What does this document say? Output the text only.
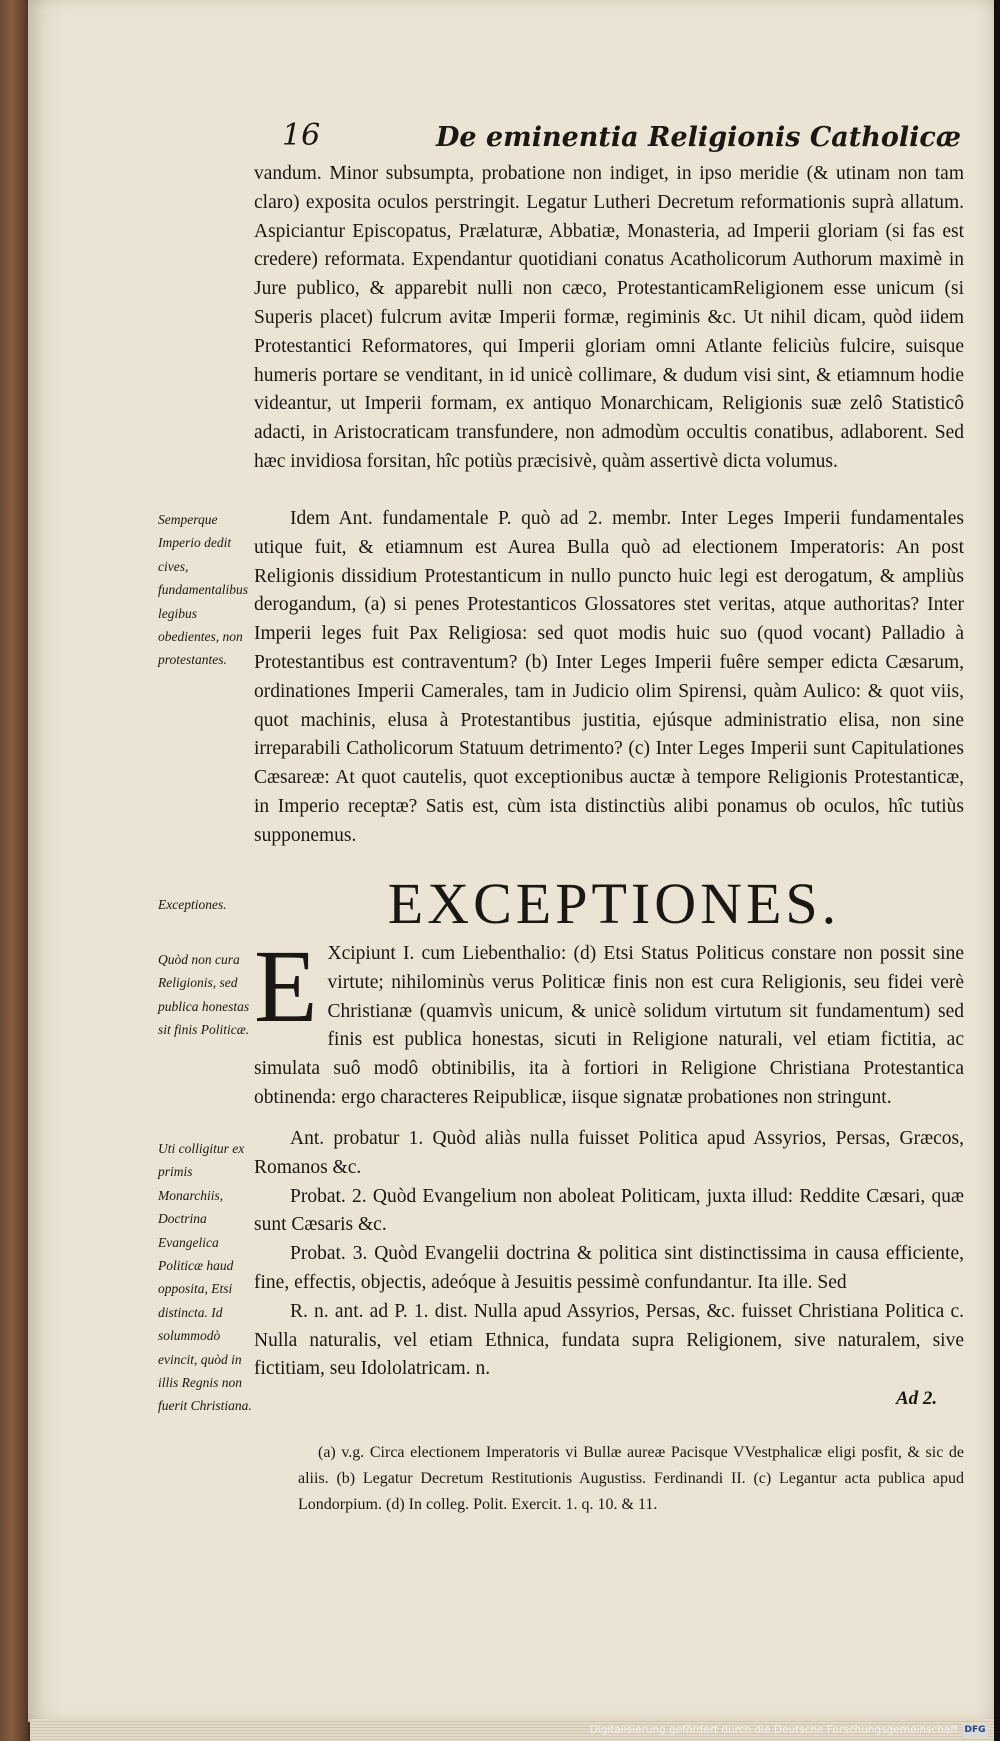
16	De eminentia Religionis Catholicæ

vandum. Minor subsumpta, probatione non indiget, in ipso meridie (& utinam non tam claro) exposita oculos perstringit. Legatur Lutheri Decretum reformationis suprà allatum. Aspiciantur Episcopatus, Prælaturæ, Abbatiæ, Monasteria, ad Imperii gloriam (si fas est credere) reformata. Expendantur quotidiani conatus Acatholicorum Authorum maximè in Jure publico, & apparebit nulli non cæco, ProtestanticamReligionem esse unicum (si Superis placet) fulcrum avitæ Imperii formæ, regiminis &c. Ut nihil dicam, quòd iidem Protestantici Reformatores, qui Imperii gloriam omni Atlante feliciùs fulcire, suisque humeris portare se venditant, in id unicè collimare, & dudum visi sint, & etiamnum hodie videantur, ut Imperii formam, ex antiquo Monarchicam, Religionis suæ zelô Statisticô adacti, in Aristocraticam transfundere, non admodùm occultis conatibus, adlaborent. Sed hæc invidiosa forsitan, hîc potiùs præcisivè, quàm assertivè dicta volumus.

Semperque Imperio dedit cives, fundamentalibus legibus obedientes, non protestantes.

Idem Ant. fundamentale P. quò ad 2. membr. Inter Leges Imperii fundamentales utique fuit, & etiamnum est Aurea Bulla quò ad electionem Imperatoris: An post Religionis dissidium Protestanticum in nullo puncto huic legi est derogatum, & ampliùs derogandum, (a) si penes Protestanticos Glossatores stet veritas, atque authoritas? Inter Imperii leges fuit Pax Religiosa: sed quot modis huic suo (quod vocant) Palladio à Protestantibus est contraventum? (b) Inter Leges Imperii fuêre semper edicta Cæsarum, ordinationes Imperii Camerales, tam in Judicio olim Spirensi, quàm Aulico: & quot viis, quot machinis, elusa à Protestantibus justitia, ejúsque administratio elisa, non sine irreparabili Catholicorum Statuum detrimento? (c) Inter Leges Imperii sunt Capitulationes Cæsareæ: At quot cautelis, quot exceptionibus auctæ à tempore Religionis Protestanticæ, in Imperio receptæ? Satis est, cùm ista distinctiùs alibi ponamus ob oculos, hîc tutiùs supponemus.

Exceptiones.	EXCEPTIONES.
Quòd non cura Religionis, sed publica honestas sit finis Politicæ. E Xcipiunt I. cum Liebenthalio: (d) Etsi Status Politicus constare non possit sine virtute; nihilominùs verus Politicæ finis non est cura Religionis, seu fidei verè Christianæ (quamvìs unicum, & unicè solidum virtutum sit fundamentum) sed finis est publica honestas, sicuti in Religione naturali, vel etiam fictitia, ac simulata suô modô obtinibilis, ita à fortiori in Religione Christiana Protestantica obtinenda: ergo characteres Reipublicæ, iisque signatæ probationes non stringunt.

Uti colligitur ex primis Monarchiis, Doctrina Evangelica Politicæ haud opposita, Etsi distincta. Id solummodò evincit, quòd in illis Regnis non fuerit Christiana.

Ant. probatur 1. Quòd aliàs nulla fuisset Politica apud Assyrios, Persas, Græcos, Romanos &c.

Probat. 2. Quòd Evangelium non aboleat Politicam, juxta illud: Reddite Cæsari, quæ sunt Cæsaris &c.

Probat. 3. Quòd Evangelii doctrina & politica sint distinctissima in causa efficiente, fine, effectis, objectis, adeóque à Jesuitis pessimè confundantur. Ita ille. Sed

R. n. ant. ad P. 1. dist. Nulla apud Assyrios, Persas, &c. fuisset Christiana Politica c. Nulla naturalis, vel etiam Ethnica, fundata supra Religionem, sive naturalem, sive fictitiam, seu Idololatricam. n.

Ad 2.

(a) v.g. Circa electionem Imperatoris vi Bullæ aureæ Pacisque VVestphalicæ eligi posfit, & sic de aliis. (b) Legatur Decretum Restitutionis Augustiss. Ferdinandi II. (c) Legantur acta publica apud Londorpium. (d) In colleg. Polit. Exercit. 1. q. 10. & 11.

Digitalisierung gefördert durch die Deutsche Forschungsgemeinschaft DFG
